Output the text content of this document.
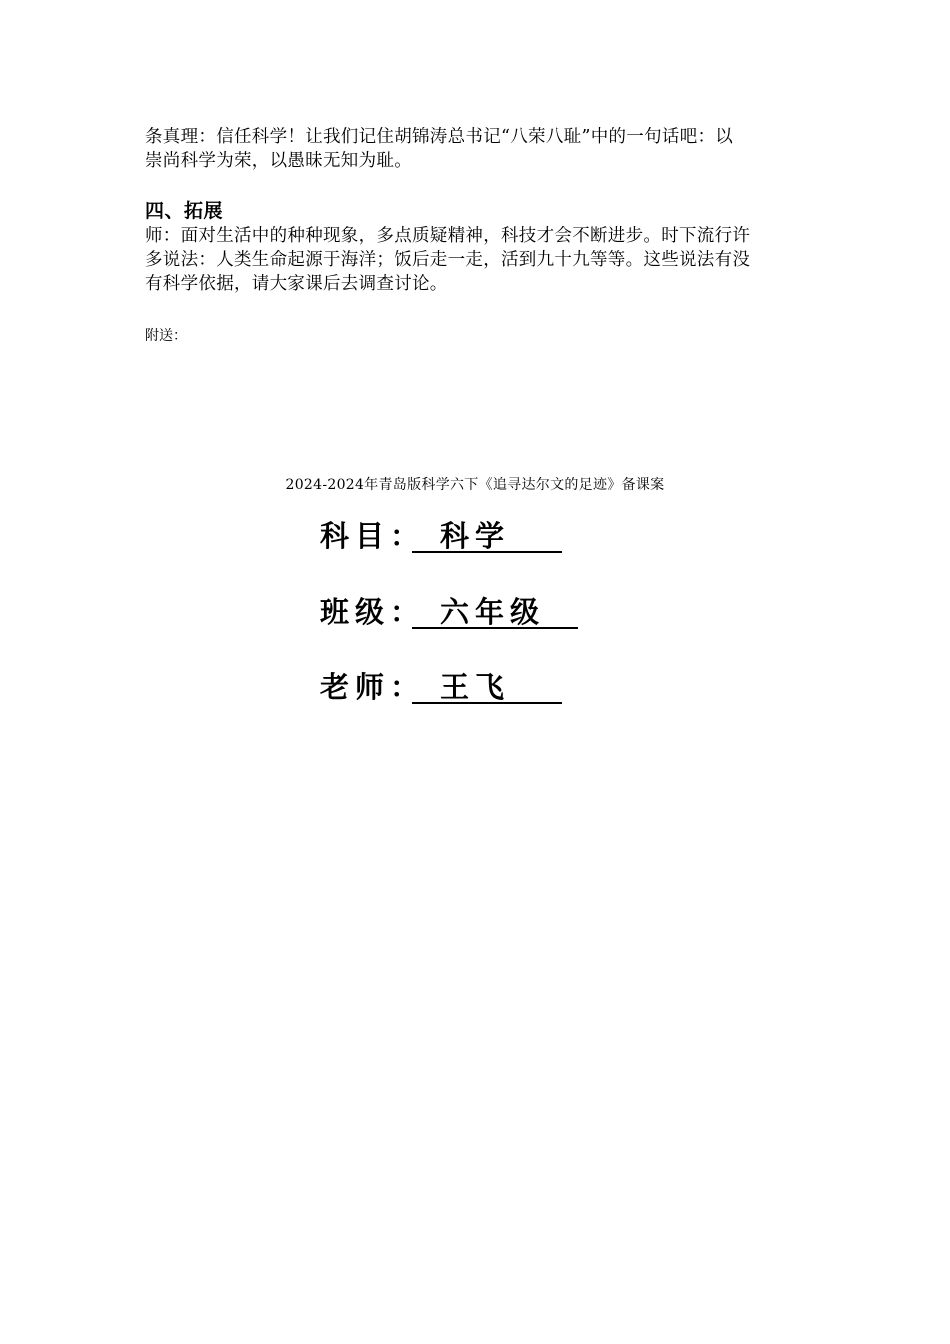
条真理：信任科学！让我们记住胡锦涛总书记“八荣八耻”中的一句话吧：以
崇尚科学为荣，以愚昧无知为耻。
四、拓展
师：面对生活中的种种现象，多点质疑精神，科技才会不断进步。时下流行许
多说法：人类生命起源于海洋；饭后走一走，活到九十九等等。这些说法有没
有科学依据，请大家课后去调查讨论。
附送：
2024-2024年青岛版科学六下《追寻达尔文的足迹》备课案
科目： 科学
班级： 六年级
老师： 王飞
